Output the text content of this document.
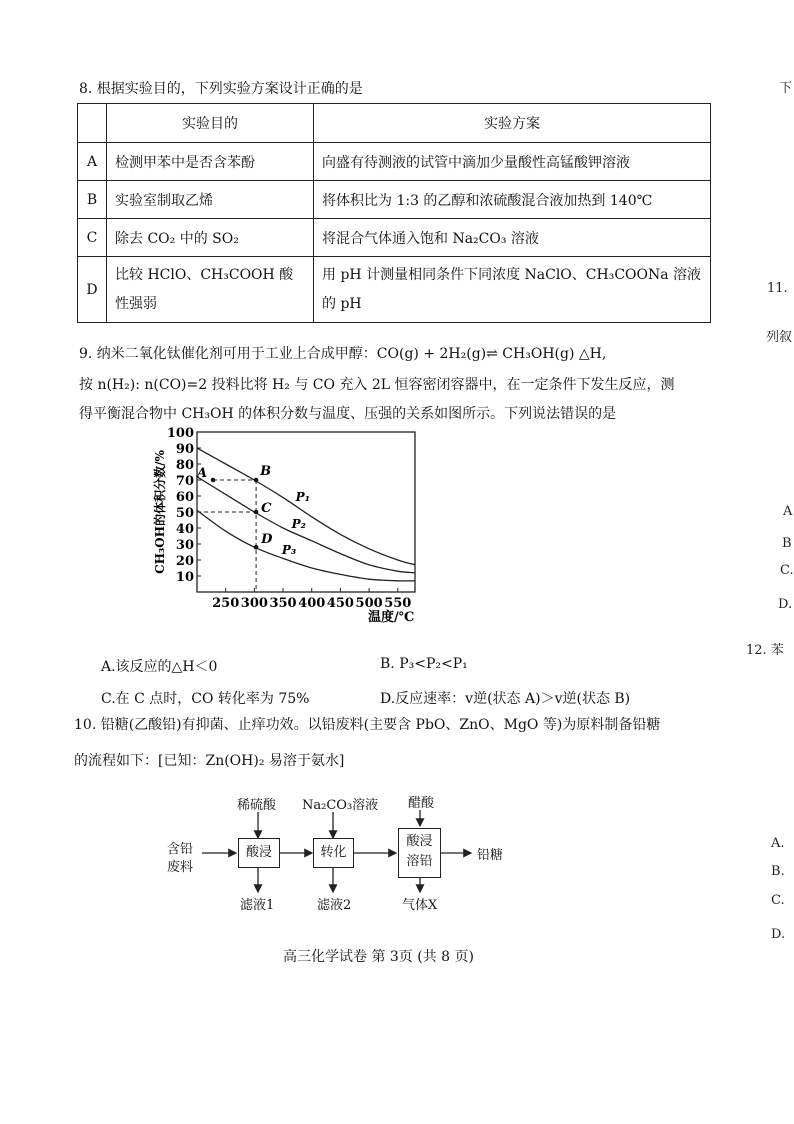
8. 根据实验目的，下列实验方案设计正确的是
	实验目的	实验方案
A	检测甲苯中是否含苯酚	向盛有待测液的试管中滴加少量酸性高锰酸钾溶液
B	实验室制取乙烯	将体积比为 1:3 的乙醇和浓硫酸混合液加热到 140℃
C	除去 CO₂ 中的 SO₂	将混合气体通入饱和 Na₂CO₃ 溶液
D	比较 HClO、CH₃COOH 酸性强弱	用 pH 计测量相同条件下同浓度 NaClO、CH₃COONa 溶液的 pH
9. 纳米二氧化钛催化剂可用于工业上合成甲醇：CO(g) + 2H₂(g)⇌ CH₃OH(g) △H,
按 n(H₂): n(CO)=2 投料比将 H₂ 与 CO 充入 2L 恒容密闭容器中，在一定条件下发生反应，测
得平衡混合物中 CH₃OH 的体积分数与温度、压强的关系如图所示。下列说法错误的是
温度/℃
CH₃OH的体积分数/%
10
20
30
40
50
60
70
80
90
100
250 300 350 400 450 500 550
P₁
P₂
P₃
A	B
C
D
A.该反应的△H＜0	B. P₃<P₂<P₁
C.在 C 点时，CO 转化率为 75%	D.反应速率：v逆(状态 A)＞v逆(状态 B)
10. 铅糖(乙酸铅)有抑菌、止痒功效。以铅废料(主要含 PbO、ZnO、MgO 等)为原料制备铅糖
的流程如下：[已知：Zn(OH)₂ 易溶于氨水]
含铅
废料
稀硫酸 Na₂CO₃溶液 醋酸
酸浸	转化
酸浸
溶铅	铅糖
滤液1	滤液2	气体X
高三化学试卷 第 3页 (共 8 页)
下
11.
列叙
A
B
C.
D.
12. 苯
A.
B.
C.
D.
